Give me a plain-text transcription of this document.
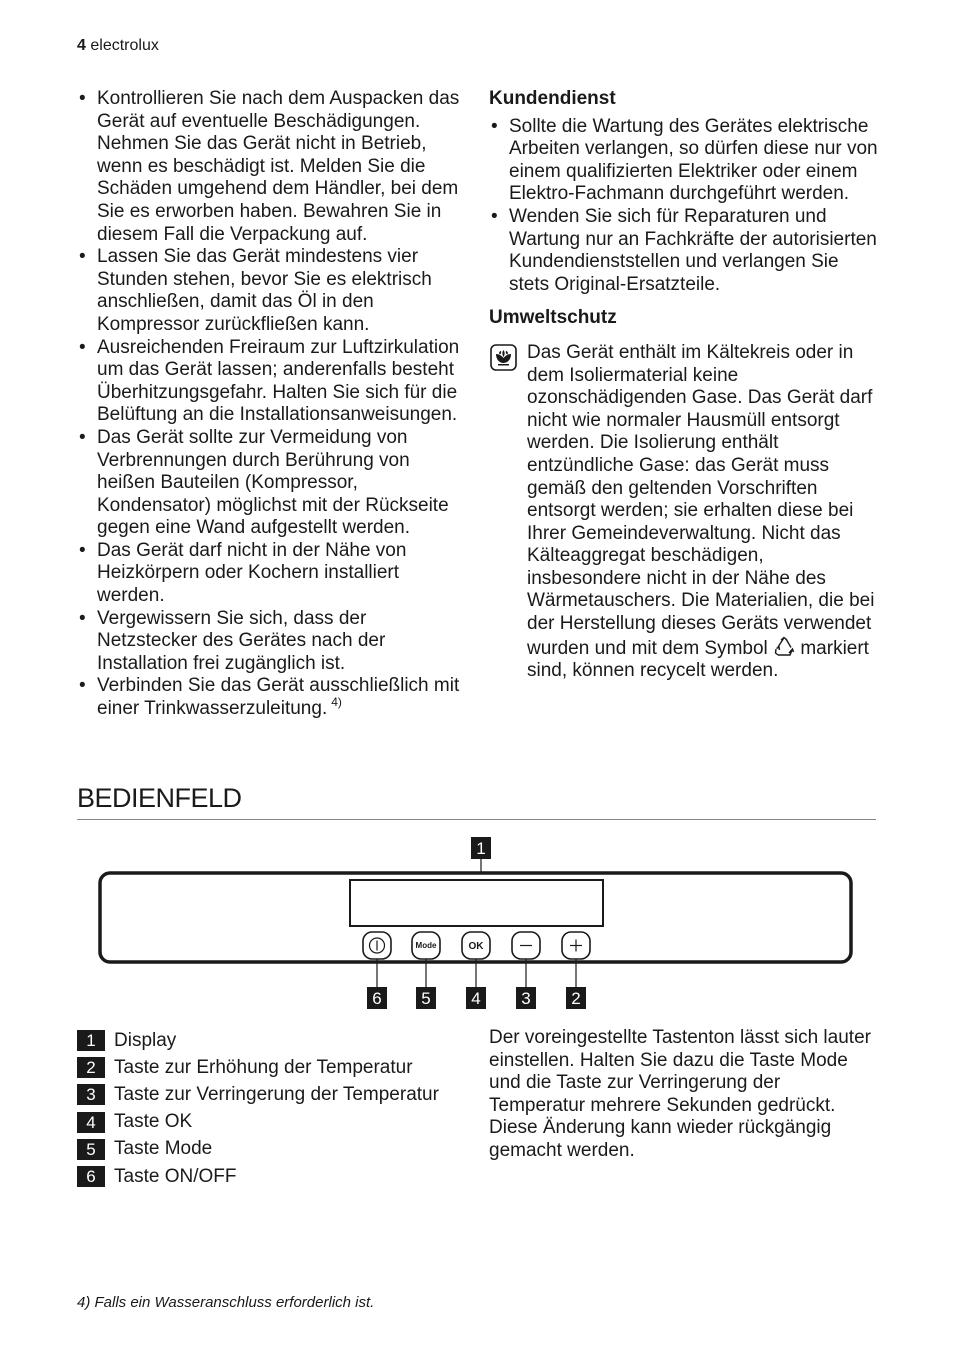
4 electrolux
• Kontrollieren Sie nach dem Auspacken das Gerät auf eventuelle Beschädigungen. Nehmen Sie das Gerät nicht in Betrieb, wenn es beschädigt ist. Melden Sie die Schäden umgehend dem Händler, bei dem Sie es erworben haben. Bewahren Sie in diesem Fall die Verpackung auf.
• Lassen Sie das Gerät mindestens vier Stunden stehen, bevor Sie es elektrisch anschließen, damit das Öl in den Kompressor zurückfließen kann.
• Ausreichenden Freiraum zur Luftzirkulation um das Gerät lassen; anderenfalls besteht Überhitzungsgefahr. Halten Sie sich für die Belüftung an die Installationsanweisungen.
• Das Gerät sollte zur Vermeidung von Verbrennungen durch Berührung von heißen Bauteilen (Kompressor, Kondensator) möglichst mit der Rückseite gegen eine Wand aufgestellt werden.
• Das Gerät darf nicht in der Nähe von Heizkörpern oder Kochern installiert werden.
• Vergewissern Sie sich, dass der Netzstecker des Gerätes nach der Installation frei zugänglich ist.
• Verbinden Sie das Gerät ausschließlich mit einer Trinkwasserzuleitung. $^{4)}$
Kundendienst
• Sollte die Wartung des Gerätes elektrische Arbeiten verlangen, so dürfen diese nur von einem qualifizierten Elektriker oder einem Elektro-Fachmann durchgeführt werden.
• Wenden Sie sich für Reparaturen und Wartung nur an Fachkräfte der autorisierten Kundendienststellen und verlangen Sie stets Original-Ersatzteile.
Umweltschutz
Das Gerät enthält im Kältekreis oder in dem Isoliermaterial keine ozonschädigenden Gase. Das Gerät darf nicht wie normaler Hausmüll entsorgt werden. Die Isolierung enthält entzündliche Gase: das Gerät muss gemäß den geltenden Vorschriften entsorgt werden; sie erhalten diese bei Ihrer Gemeindeverwaltung. Nicht das Kälteaggregat beschädigen, insbesondere nicht in der Nähe des Wärmetauschers. Die Materialien, die bei der Herstellung dieses Geräts verwendet wurden und mit dem Symbol markiert sind, können recycelt werden.
BEDIENFELD
1
Mode	OK
6 5 4 3 2
1 Display
2 Taste zur Erhöhung der Temperatur
3 Taste zur Verringerung der Temperatur
4 Taste OK
5 Taste Mode
6 Taste ON/OFF
Der voreingestellte Tastenton lässt sich lauter einstellen. Halten Sie dazu die Taste Mode und die Taste zur Verringerung der Temperatur mehrere Sekunden gedrückt. Diese Änderung kann wieder rückgängig gemacht werden.
4) Falls ein Wasseranschluss erforderlich ist.
